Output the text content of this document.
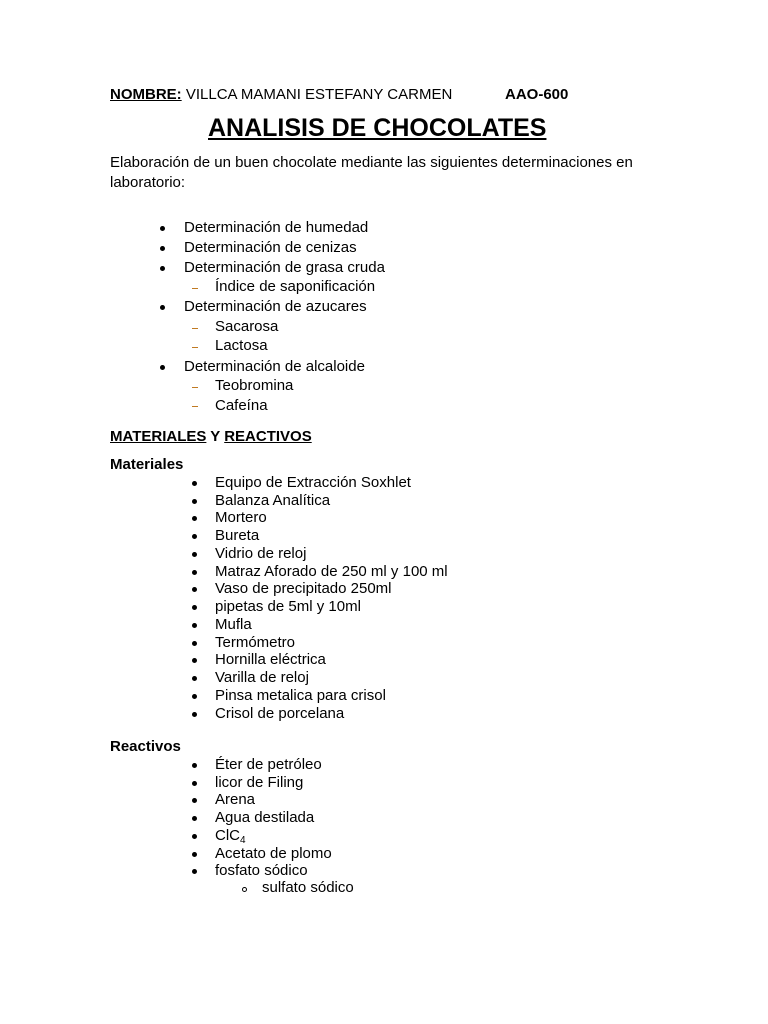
NOMBRE: VILLCA MAMANI ESTEFANY CARMEN	AAO-600
ANALISIS DE CHOCOLATES
Elaboración de un buen chocolate mediante las siguientes determinaciones en laboratorio:
Determinación de humedad
Determinación de cenizas
Determinación de grasa cruda
Índice de saponificación
Determinación de azucares
Sacarosa
Lactosa
Determinación de alcaloide
Teobromina
Cafeína
MATERIALES Y REACTIVOS
Materiales
Equipo de Extracción Soxhlet
Balanza Analítica
Mortero
Bureta
Vidrio de reloj
Matraz Aforado de 250 ml y 100 ml
Vaso de precipitado 250ml
pipetas de 5ml y 10ml
Mufla
Termómetro
Hornilla eléctrica
Varilla de reloj
Pinsa metalica para crisol
Crisol de porcelana
Reactivos
Éter de petróleo
licor de Filing
Arena
Agua destilada
ClC$_4$
Acetato de plomo
fosfato sódico
sulfato sódico
